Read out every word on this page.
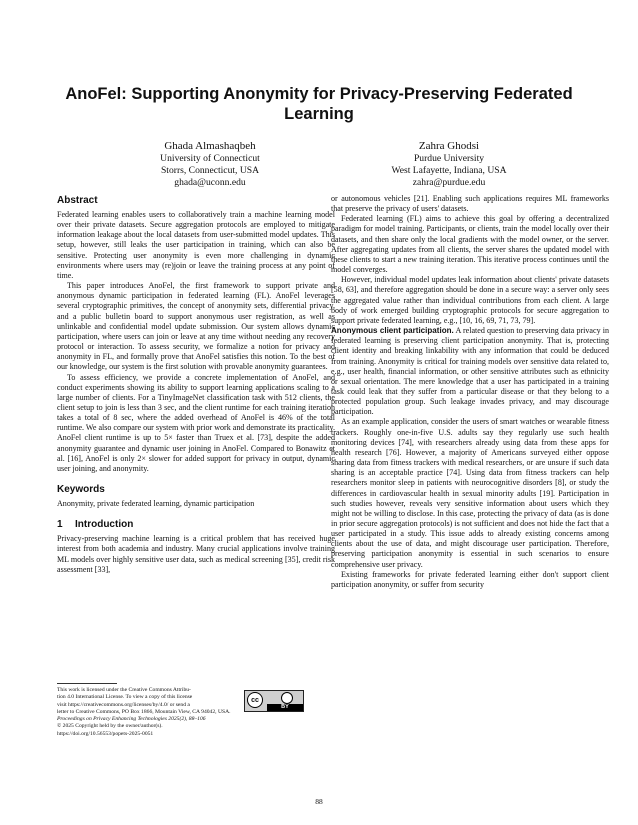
AnoFel: Supporting Anonymity for Privacy-Preserving Federated Learning
Ghada Almashaqbeh
University of Connecticut
Storrs, Connecticut, USA
ghada@uconn.edu
Zahra Ghodsi
Purdue University
West Lafayette, Indiana, USA
zahra@purdue.edu
Abstract

Federated learning enables users to collaboratively train a machine learning model over their private datasets. Secure aggregation protocols are employed to mitigate information leakage about the local datasets from user-submitted model updates. This setup, however, still leaks the user participation in training, which can also be sensitive. Protecting user anonymity is even more challenging in dynamic environments where users may (re)join or leave the training process at any point of time.

This paper introduces AnoFel, the first framework to support private and anonymous dynamic participation in federated learning (FL). AnoFel leverages several cryptographic primitives, the concept of anonymity sets, differential privacy, and a public bulletin board to support anonymous user registration, as well as unlinkable and confidential model update submission. Our system allows dynamic participation, where users can join or leave at any time without needing any recovery protocol or interaction. To assess security, we formalize a notion for privacy and anonymity in FL, and formally prove that AnoFel satisfies this notion. To the best of our knowledge, our system is the first solution with provable anonymity guarantees.

To assess efficiency, we provide a concrete implementation of AnoFel, and conduct experiments showing its ability to support learning applications scaling to a large number of clients. For a TinyImageNet classification task with 512 clients, the client setup to join is less than 3 sec, and the client runtime for each training iteration takes a total of 8 sec, where the added overhead of AnoFel is 46% of the total runtime. We also compare our system with prior work and demonstrate its practicality. AnoFel client runtime is up to 5× faster than Truex et al. [73], despite the added anonymity guarantee and dynamic user joining in AnoFel. Compared to Bonawitz et al. [16], AnoFel is only 2× slower for added support for privacy in output, dynamic user joining, and anonymity.

Keywords

Anonymity, private federated learning, dynamic participation

1 Introduction

Privacy-preserving machine learning is a critical problem that has received huge interest from both academia and industry. Many crucial applications involve training ML models over highly sensitive user data, such as medical screening [35], credit risk assessment [33],

or autonomous vehicles [21]. Enabling such applications requires ML frameworks that preserve the privacy of users' datasets.

Federated learning (FL) aims to achieve this goal by offering a decentralized paradigm for model training. Participants, or clients, train the model locally over their datasets, and then share only the local gradients with the model owner, or the server. After aggregating updates from all clients, the server shares the updated model with these clients to start a new training iteration. This iterative process continues until the model converges.

However, individual model updates leak information about clients' private datasets [58, 63], and therefore aggregation should be done in a secure way: a server only sees the aggregated value rather than individual contributions from each client. A large body of work emerged building cryptographic protocols for secure aggregation to support private federated learning, e.g., [10, 16, 69, 71, 73, 79].

Anonymous client participation. A related question to preserving data privacy in federated learning is preserving client participation anonymity. That is, protecting client identity and breaking linkability with any information that could be deduced from training. Anonymity is critical for training models over sensitive data related to, e.g., user health, financial information, or other sensitive attributes such as ethnicity or sexual orientation. The mere knowledge that a user has participated in a training task could leak that they suffer from a particular disease or that they belong to a protected population group. Such leakage invades privacy, and may discourage participation.

As an example application, consider the users of smart watches or wearable fitness trackers. Roughly one-in-five U.S. adults say they regularly use such health monitoring devices [74], with researchers already using data from these apps for health research [76]. However, a majority of Americans surveyed either oppose sharing data from fitness trackers with medical researchers, or are unsure if such data sharing is an acceptable practice [74]. Using data from fitness trackers can help researchers monitor sleep in patients with neurocognitive disorders [8], or study the differences in cardiovascular health in sexual minority adults [19]. Participation in such studies however, reveals very sensitive information about users which they might not be willing to disclose. In this case, protecting the privacy of data (as is done in prior secure aggregation protocols) is not sufficient and does not hide the fact that a user participated in a study. This issue adds to already existing concerns among clients about the use of data, and might discourage user participation. Therefore, preserving participation anonymity is essential in such scenarios to ensure comprehensive user privacy.

Existing frameworks for private federated learning either don't support client participation anonymity, or suffer from security

This work is licensed under the Creative Commons Attribu-
tion 4.0 International License. To view a copy of this license
visit https://creativecommons.org/licenses/by/4.0/ or send a
letter to Creative Commons, PO Box 1866, Mountain View, CA 94042, USA.
Proceedings on Privacy Enhancing Technologies 2025(2), 88–106
© 2025 Copyright held by the owner/author(s).
https://doi.org/10.56553/popets-2025-0051
cc
BY
88
